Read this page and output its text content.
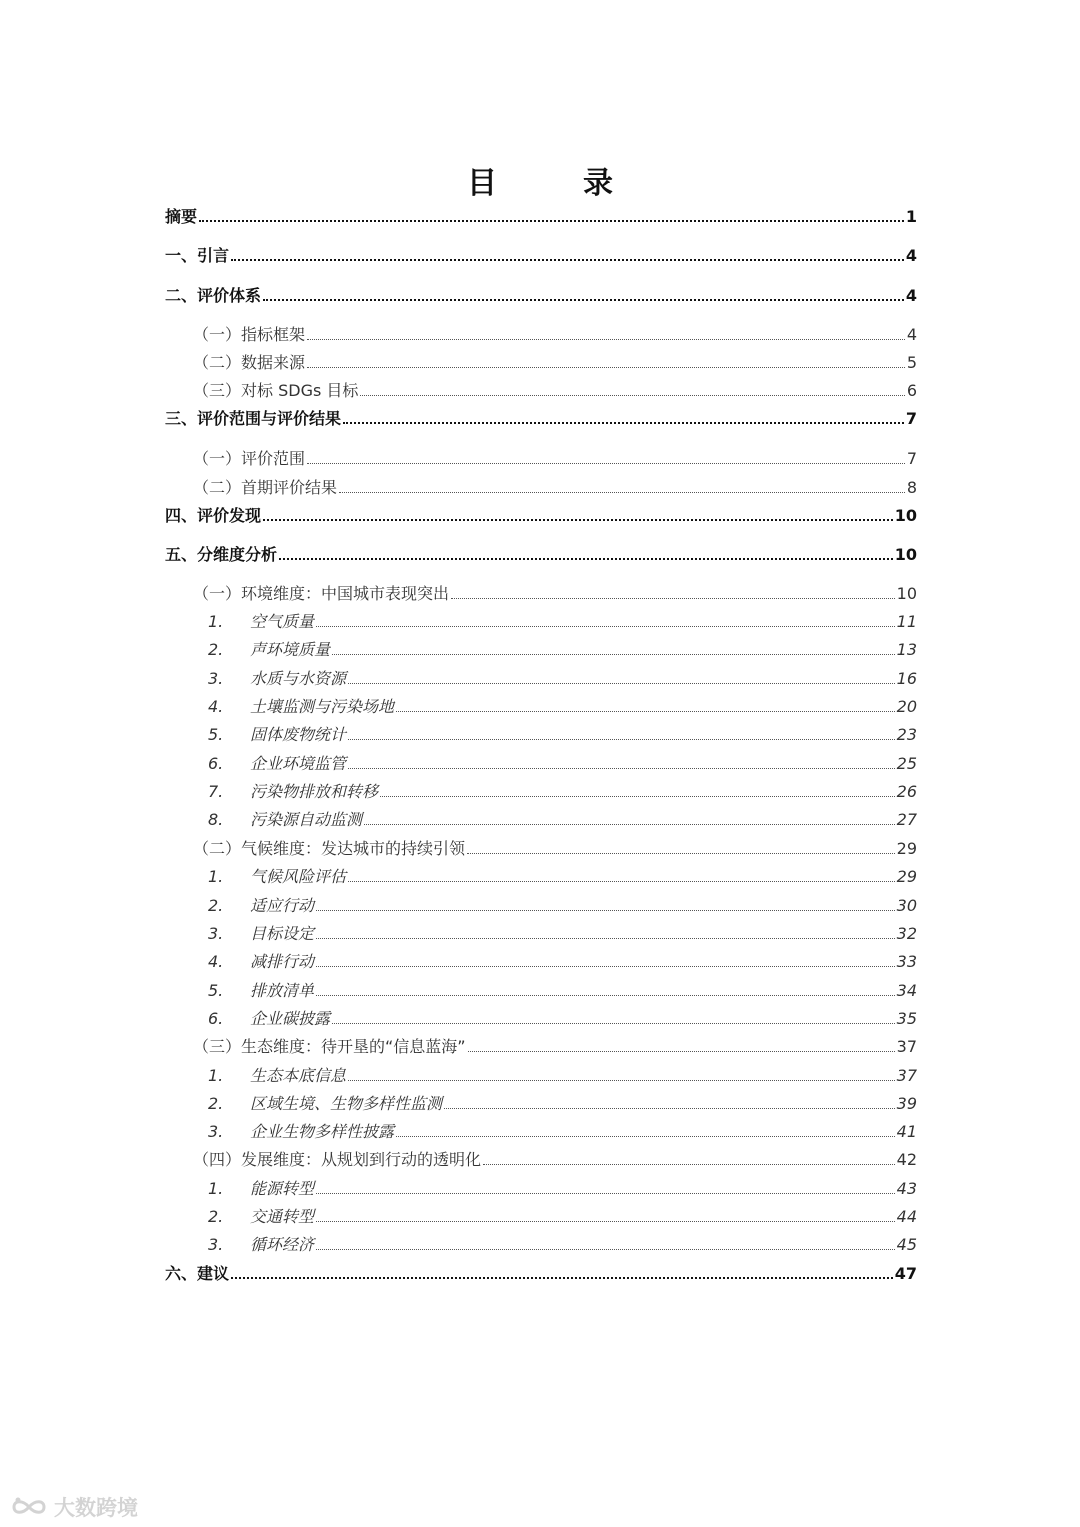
目　录
摘要	1
一、引言	4
二、评价体系	4
（一）指标框架	4
（二）数据来源	5
（三）对标 SDGs 目标	6
三、评价范围与评价结果	7
（一）评价范围	7
（二）首期评价结果	8
四、评价发现	10
五、分维度分析	10
（一）环境维度：中国城市表现突出	10
1.	空气质量	11
2.	声环境质量	13
3.	水质与水资源	16
4.	土壤监测与污染场地	20
5.	固体废物统计	23
6.	企业环境监管	25
7.	污染物排放和转移	26
8.	污染源自动监测	27
（二）气候维度：发达城市的持续引领	29
1.	气候风险评估	29
2.	适应行动	30
3.	目标设定	32
4.	减排行动	33
5.	排放清单	34
6.	企业碳披露	35
（三）生态维度：待开垦的“信息蓝海”	37
1.	生态本底信息	37
2.	区域生境、生物多样性监测	39
3.	企业生物多样性披露	41
（四）发展维度：从规划到行动的透明化	42
1.	能源转型	43
2.	交通转型	44
3.	循环经济	45
六、建议	47
大数跨境
